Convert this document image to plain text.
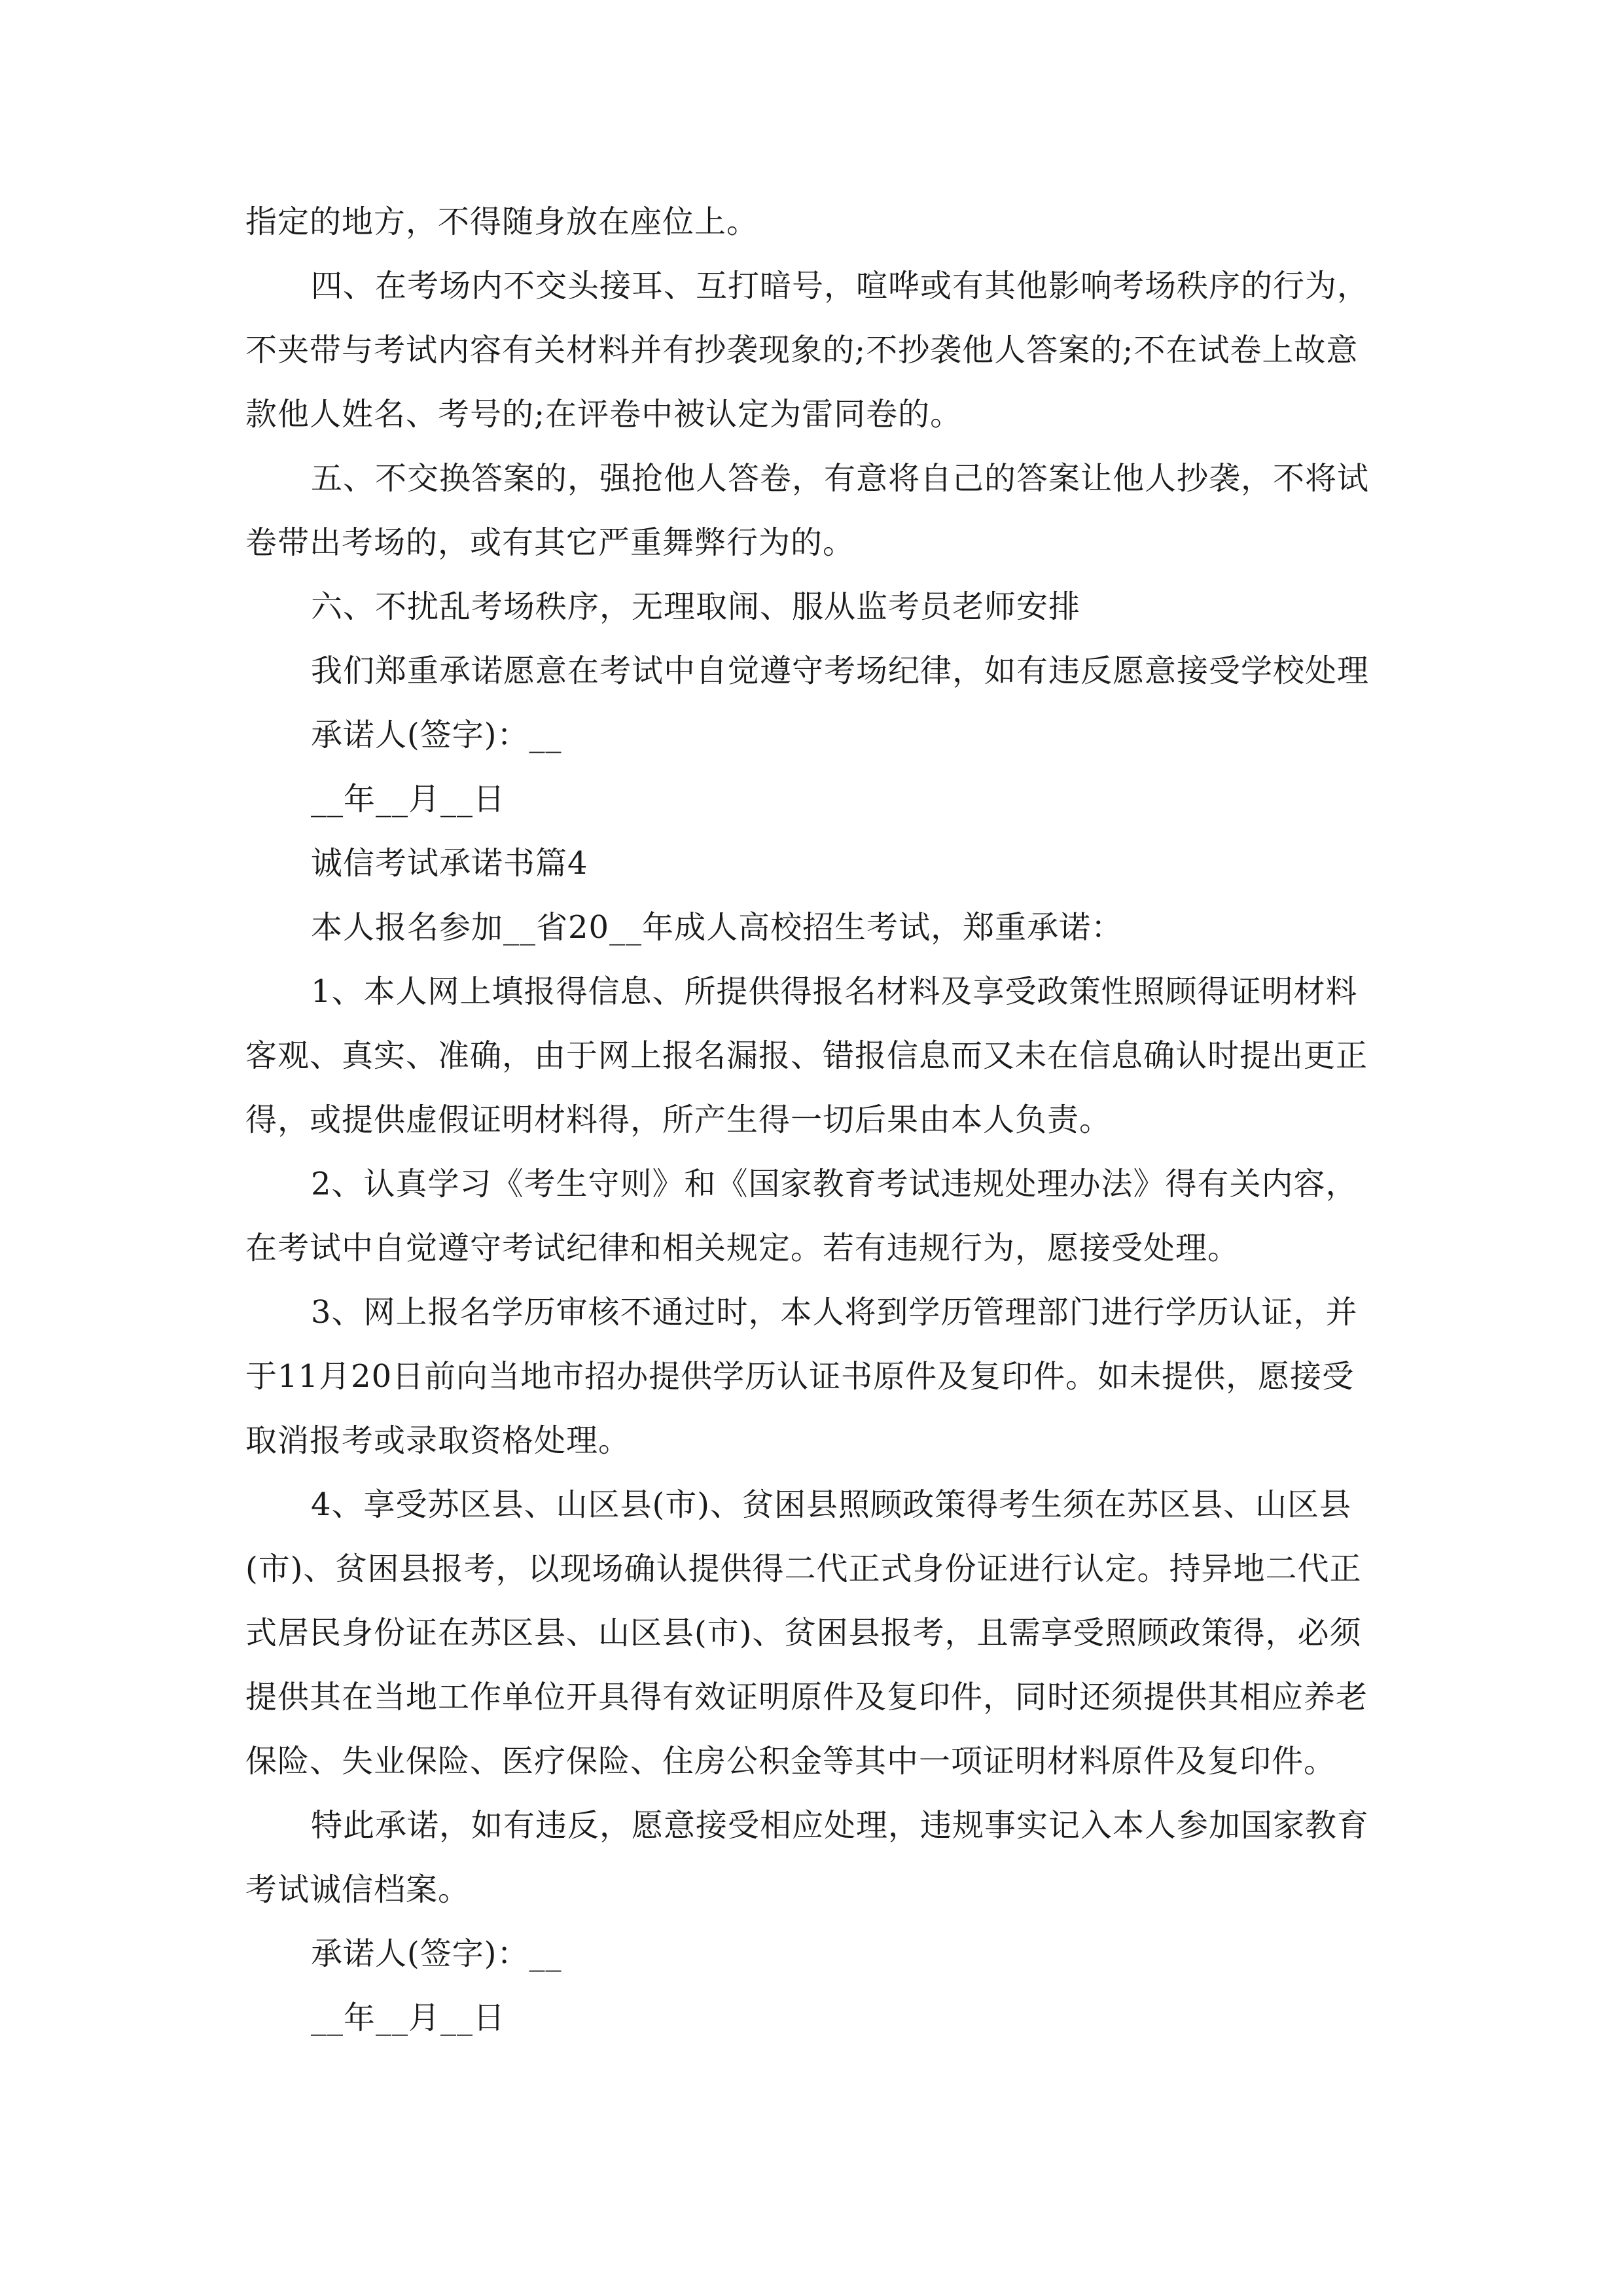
指定的地方，不得随身放在座位上。

四、在考场内不交头接耳、互打暗号，喧哗或有其他影响考场秩序的行为，不夹带与考试内容有关材料并有抄袭现象的;不抄袭他人答案的;不在试卷上故意款他人姓名、考号的;在评卷中被认定为雷同卷的。

五、不交换答案的，强抢他人答卷，有意将自己的答案让他人抄袭，不将试卷带出考场的，或有其它严重舞弊行为的。

六、不扰乱考场秩序，无理取闹、服从监考员老师安排

我们郑重承诺愿意在考试中自觉遵守考场纪律，如有违反愿意接受学校处理

承诺人(签字)：__

__年__月__日

诚信考试承诺书篇4

本人报名参加__省20__年成人高校招生考试，郑重承诺：

1、本人网上填报得信息、所提供得报名材料及享受政策性照顾得证明材料客观、真实、准确，由于网上报名漏报、错报信息而又未在信息确认时提出更正得，或提供虚假证明材料得，所产生得一切后果由本人负责。

2、认真学习《考生守则》和《国家教育考试违规处理办法》得有关内容，在考试中自觉遵守考试纪律和相关规定。若有违规行为，愿接受处理。

3、网上报名学历审核不通过时，本人将到学历管理部门进行学历认证，并于11月20日前向当地市招办提供学历认证书原件及复印件。如未提供，愿接受取消报考或录取资格处理。

4、享受苏区县、山区县(市)、贫困县照顾政策得考生须在苏区县、山区县(市)、贫困县报考，以现场确认提供得二代正式身份证进行认定。持异地二代正式居民身份证在苏区县、山区县(市)、贫困县报考，且需享受照顾政策得，必须提供其在当地工作单位开具得有效证明原件及复印件，同时还须提供其相应养老保险、失业保险、医疗保险、住房公积金等其中一项证明材料原件及复印件。

特此承诺，如有违反，愿意接受相应处理，违规事实记入本人参加国家教育考试诚信档案。

承诺人(签字)：__

__年__月__日
